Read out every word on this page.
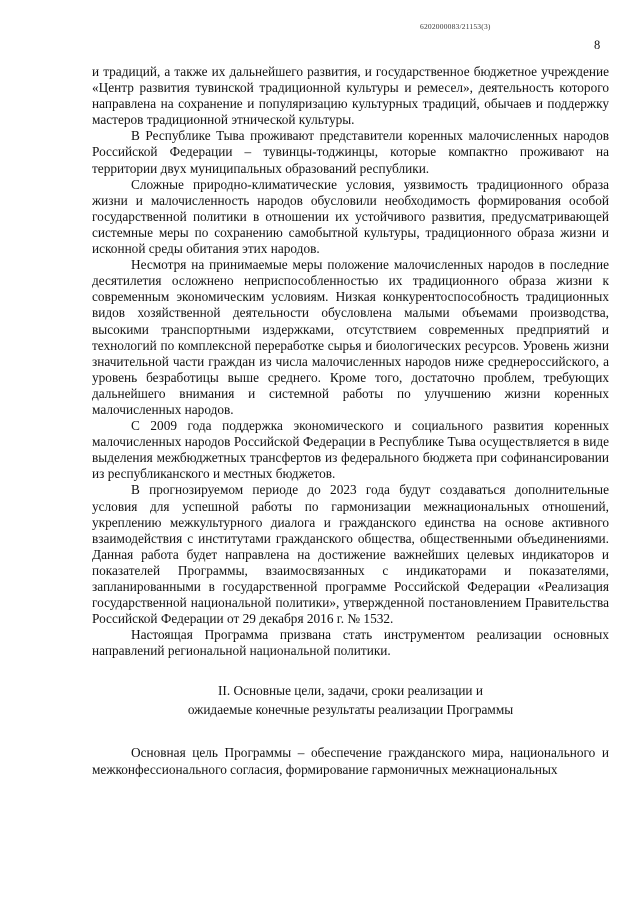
6202000083/21153(3)
8

и традиций, а также их дальнейшего развития, и государственное бюджетное учреждение «Центр развития тувинской традиционной культуры и ремесел», деятельность которого направлена на сохранение и популяризацию культурных традиций, обычаев и поддержку мастеров традиционной этнической культуры.

В Республике Тыва проживают представители коренных малочисленных народов Российской Федерации – тувинцы-тоджинцы, которые компактно проживают на территории двух муниципальных образований республики.

Сложные природно-климатические условия, уязвимость традиционного образа жизни и малочисленность народов обусловили необходимость формирования особой государственной политики в отношении их устойчивого развития, предусматривающей системные меры по сохранению самобытной культуры, традиционного образа жизни и исконной среды обитания этих народов.

Несмотря на принимаемые меры положение малочисленных народов в последние десятилетия осложнено неприспособленностью их традиционного образа жизни к современным экономическим условиям. Низкая конкурентоспособность традиционных видов хозяйственной деятельности обусловлена малыми объемами производства, высокими транспортными издержками, отсутствием современных предприятий и технологий по комплексной переработке сырья и биологических ресурсов. Уровень жизни значительной части граждан из числа малочисленных народов ниже среднероссийского, а уровень безработицы выше среднего. Кроме того, достаточно проблем, требующих дальнейшего внимания и системной работы по улучшению жизни коренных малочисленных народов.

С 2009 года поддержка экономического и социального развития коренных малочисленных народов Российской Федерации в Республике Тыва осуществляется в виде выделения межбюджетных трансфертов из федерального бюджета при софинансировании из республиканского и местных бюджетов.

В прогнозируемом периоде до 2023 года будут создаваться дополнительные условия для успешной работы по гармонизации межнациональных отношений, укреплению межкультурного диалога и гражданского единства на основе активного взаимодействия с институтами гражданского общества, общественными объединениями. Данная работа будет направлена на достижение важнейших целевых индикаторов и показателей Программы, взаимосвязанных с индикаторами и показателями, запланированными в государственной программе Российской Федерации «Реализация государственной национальной политики», утвержденной постановлением Правительства Российской Федерации от 29 декабря 2016 г. № 1532.

Настоящая Программа призвана стать инструментом реализации основных направлений региональной национальной политики.

II. Основные цели, задачи, сроки реализации и
ожидаемые конечные результаты реализации Программы

Основная цель Программы – обеспечение гражданского мира, национального и межконфессионального согласия, формирование гармоничных межнациональных
